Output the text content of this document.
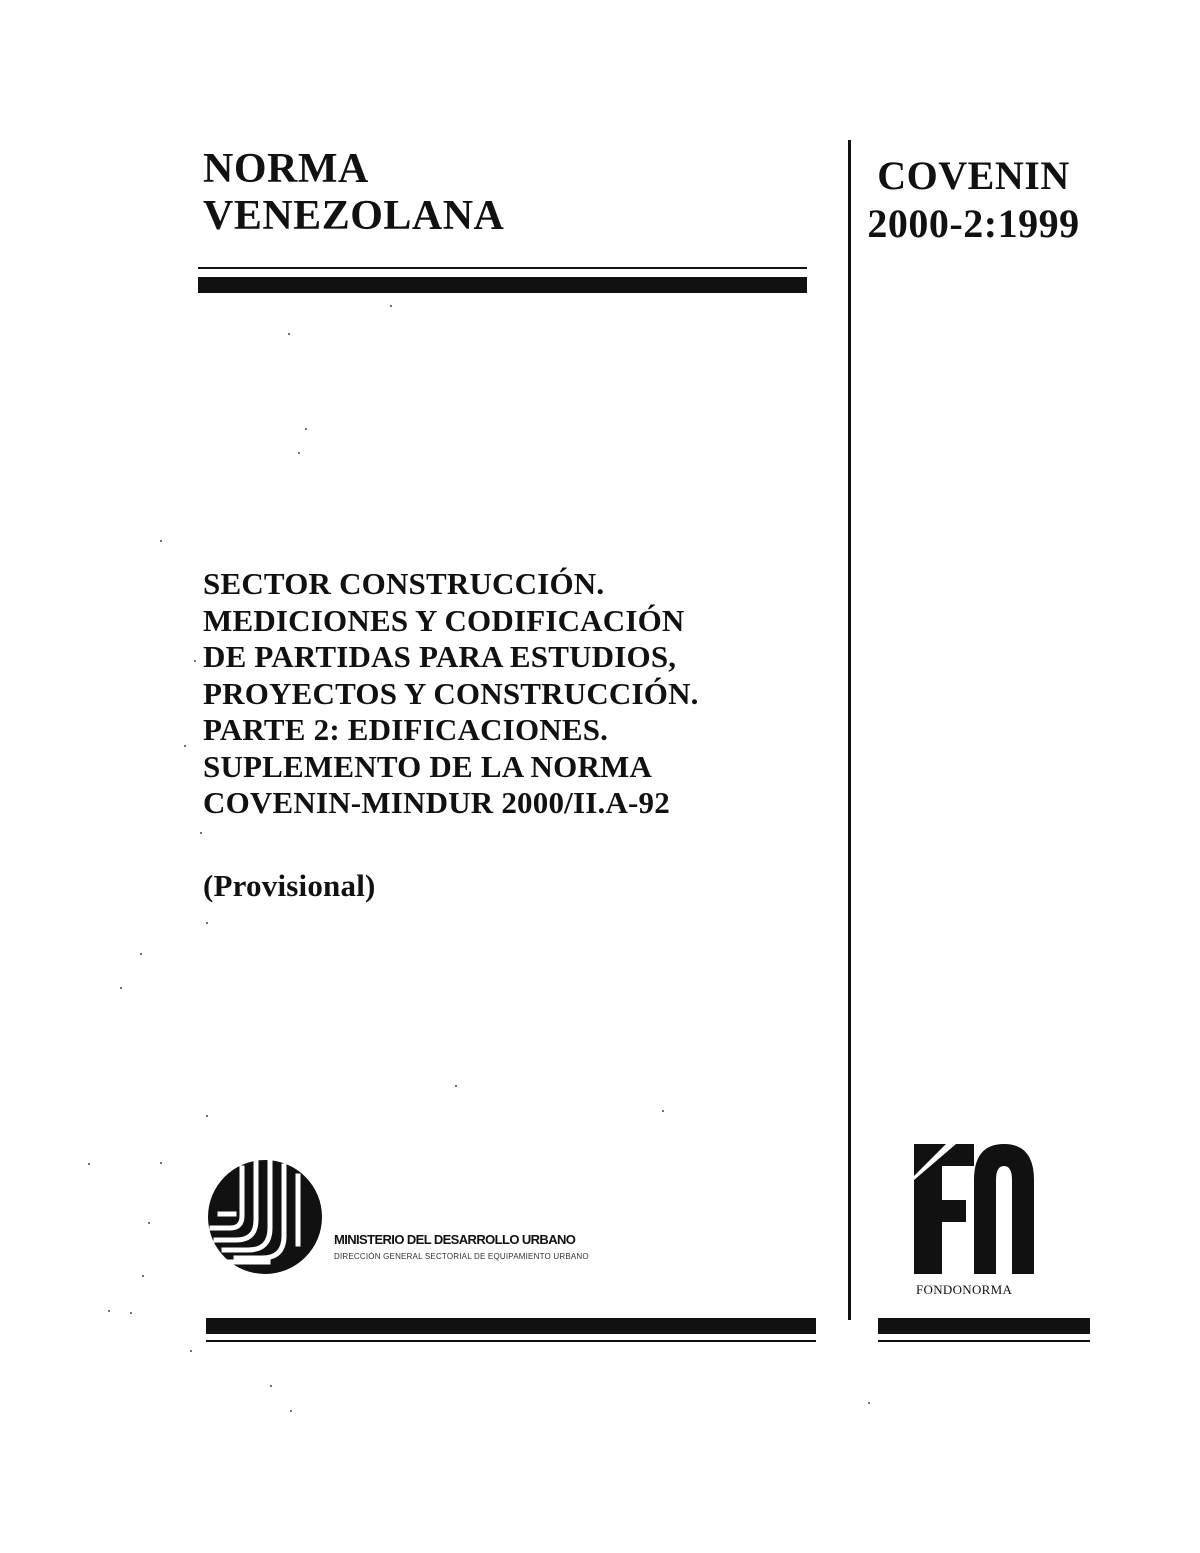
NORMA
VENEZOLANA
COVENIN
2000-2:1999
SECTOR CONSTRUCCIÓN.
MEDICIONES Y CODIFICACIÓN
DE PARTIDAS PARA ESTUDIOS,
PROYECTOS Y CONSTRUCCIÓN.
PARTE 2: EDIFICACIONES.
SUPLEMENTO DE LA NORMA
COVENIN-MINDUR 2000/II.A-92
(Provisional)
MINISTERIO DEL DESARROLLO URBANO
DIRECCIÓN GENERAL SECTORIAL DE EQUIPAMIENTO URBANO
FONDONORMA
